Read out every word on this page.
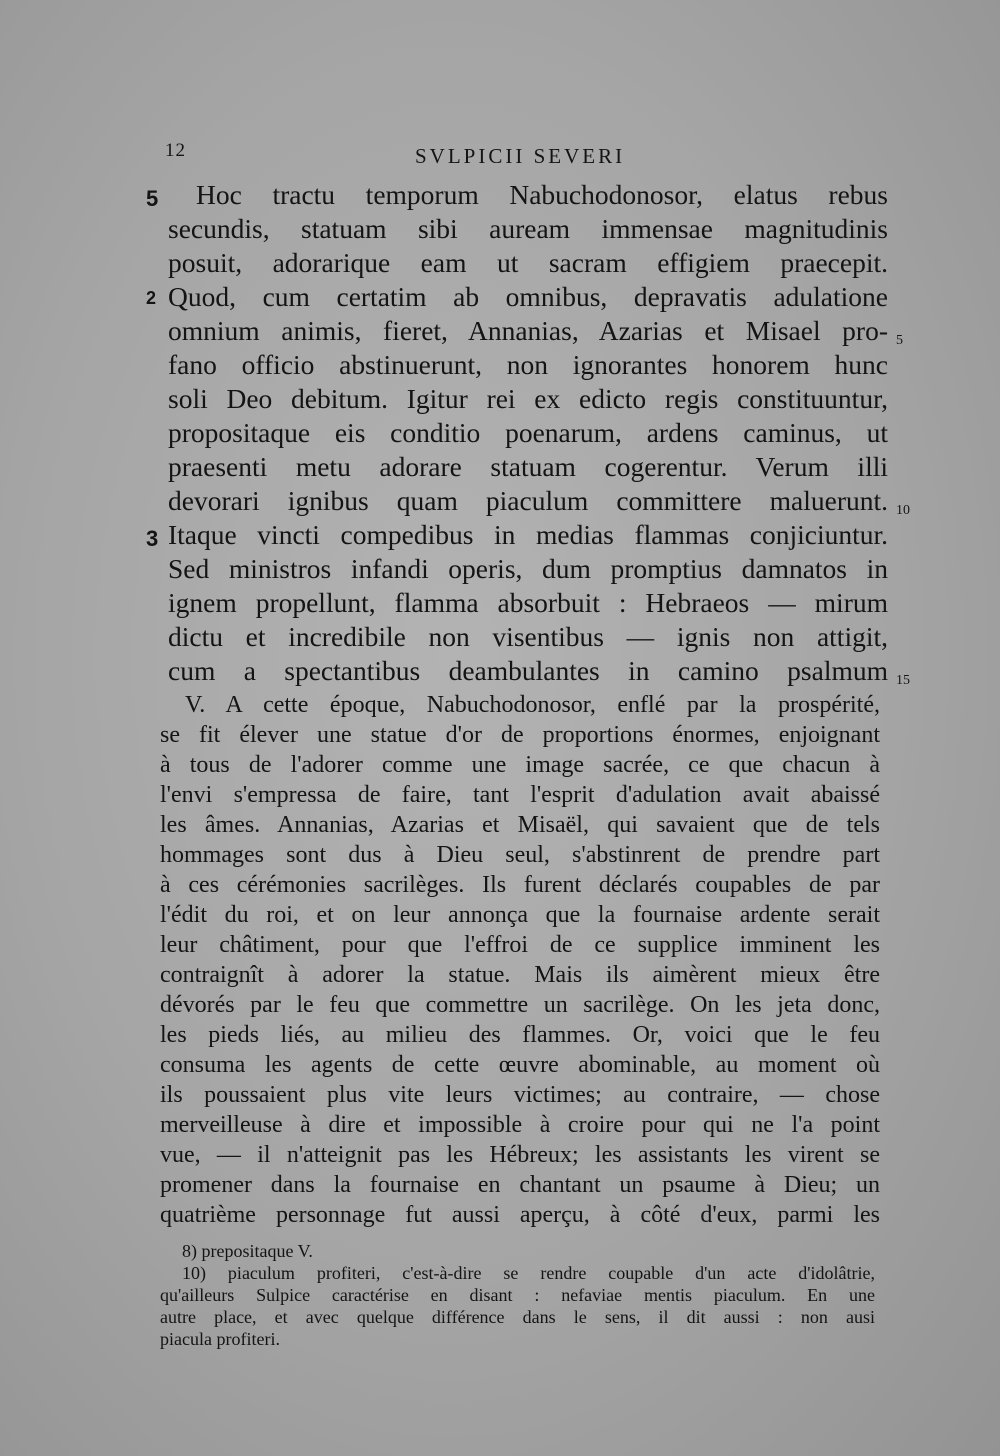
12	SVLPICII SEVERI
5
2
3
Hoc tractu temporum Nabuchodonosor, elatus rebus
secundis, statuam sibi auream immensae magnitudinis
posuit, adorarique eam ut sacram effigiem praecepit.
Quod, cum certatim ab omnibus, depravatis adulatione
omnium animis, fieret, Annanias, Azarias et Misael pro-
fano officio abstinuerunt, non ignorantes honorem hunc
soli Deo debitum. Igitur rei ex edicto regis constituuntur,
propositaque eis conditio poenarum, ardens caminus, ut
praesenti metu adorare statuam cogerentur. Verum illi
devorari ignibus quam piaculum committere maluerunt.
Itaque vincti compedibus in medias flammas conjiciuntur.
Sed ministros infandi operis, dum promptius damnatos in
ignem propellunt, flamma absorbuit : Hebraeos — mirum
dictu et incredibile non visentibus — ignis non attigit,
cum a spectantibus deambulantes in camino psalmum
5
10
15
V. A cette époque, Nabuchodonosor, enflé par la prospérité,
se fit élever une statue d'or de proportions énormes, enjoignant
à tous de l'adorer comme une image sacrée, ce que chacun à
l'envi s'empressa de faire, tant l'esprit d'adulation avait abaissé
les âmes. Annanias, Azarias et Misaël, qui savaient que de tels
hommages sont dus à Dieu seul, s'abstinrent de prendre part
à ces cérémonies sacrilèges. Ils furent déclarés coupables de par
l'édit du roi, et on leur annonça que la fournaise ardente serait
leur châtiment, pour que l'effroi de ce supplice imminent les
contraignît à adorer la statue. Mais ils aimèrent mieux être
dévorés par le feu que commettre un sacrilège. On les jeta donc,
les pieds liés, au milieu des flammes. Or, voici que le feu
consuma les agents de cette œuvre abominable, au moment où
ils poussaient plus vite leurs victimes; au contraire, — chose
merveilleuse à dire et impossible à croire pour qui ne l'a point
vue, — il n'atteignit pas les Hébreux; les assistants les virent se
promener dans la fournaise en chantant un psaume à Dieu; un
quatrième personnage fut aussi aperçu, à côté d'eux, parmi les
8) prepositaque V.
10) piaculum profiteri, c'est-à-dire se rendre coupable d'un acte d'idolâtrie,
qu'ailleurs Sulpice caractérise en disant : nefaviae mentis piaculum. En une
autre place, et avec quelque différence dans le sens, il dit aussi : non ausi
piacula profiteri.
